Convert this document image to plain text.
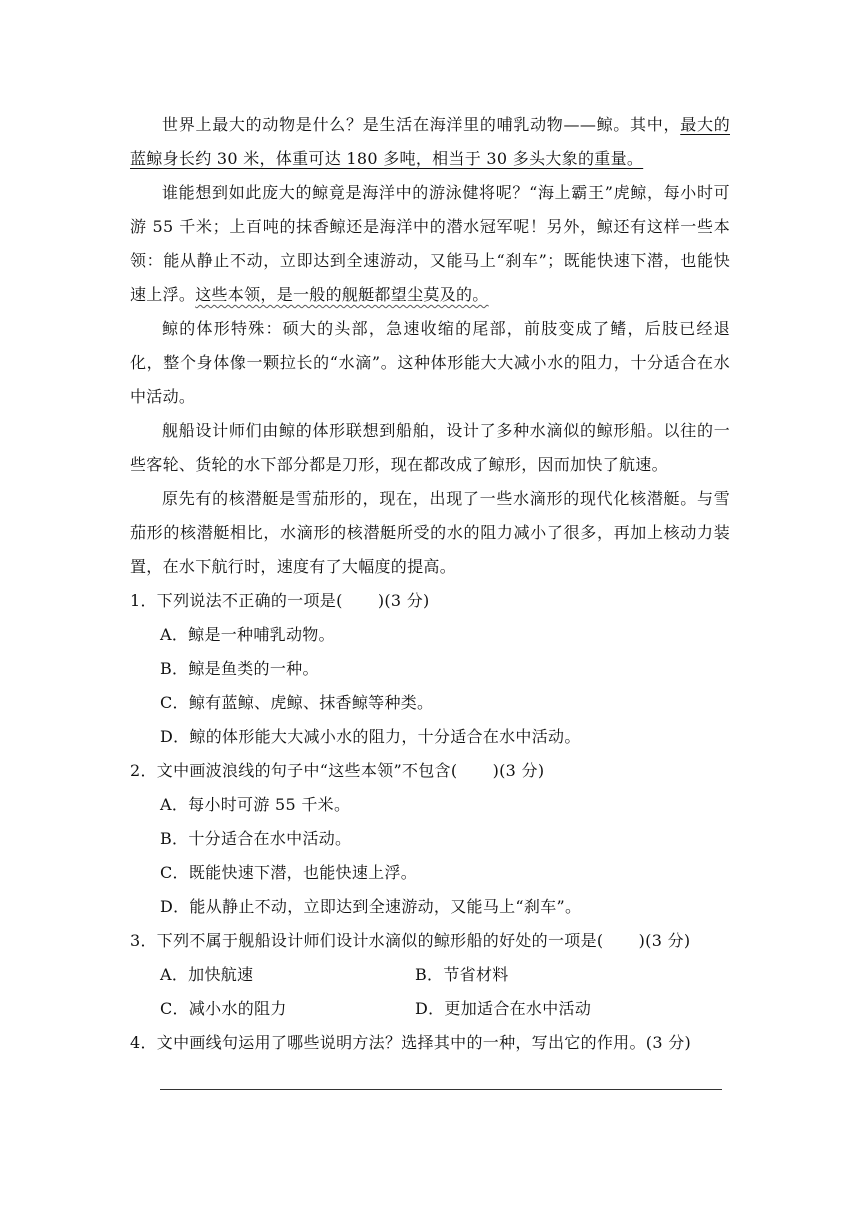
世界上最大的动物是什么？是生活在海洋里的哺乳动物——鲸。其中，最大的蓝鲸身长约 30 米，体重可达 180 多吨，相当于 30 多头大象的重量。

谁能想到如此庞大的鲸竟是海洋中的游泳健将呢？“海上霸王”虎鲸，每小时可游 55 千米；上百吨的抹香鲸还是海洋中的潜水冠军呢！另外，鲸还有这样一些本领：能从静止不动，立即达到全速游动，又能马上“刹车”；既能快速下潜，也能快速上浮。这些本领，是一般的舰艇都望尘莫及的。

鲸的体形特殊：硕大的头部，急速收缩的尾部，前肢变成了鳍，后肢已经退化，整个身体像一颗拉长的“水滴”。这种体形能大大减小水的阻力，十分适合在水中活动。

舰船设计师们由鲸的体形联想到船舶，设计了多种水滴似的鲸形船。以往的一些客轮、货轮的水下部分都是刀形，现在都改成了鲸形，因而加快了航速。

原先有的核潜艇是雪茄形的，现在，出现了一些水滴形的现代化核潜艇。与雪茄形的核潜艇相比，水滴形的核潜艇所受的水的阻力减小了很多，再加上核动力装置，在水下航行时，速度有了大幅度的提高。

1．下列说法不正确的一项是( )(3 分)

A．鲸是一种哺乳动物。

B．鲸是鱼类的一种。

C．鲸有蓝鲸、虎鲸、抹香鲸等种类。

D．鲸的体形能大大减小水的阻力，十分适合在水中活动。

2．文中画波浪线的句子中“这些本领”不包含( )(3 分)

A．每小时可游 55 千米。

B．十分适合在水中活动。

C．既能快速下潜，也能快速上浮。

D．能从静止不动，立即达到全速游动，又能马上“刹车”。

3．下列不属于舰船设计师们设计水滴似的鲸形船的好处的一项是( )(3 分)

A．加快航速	B．节省材料
C．减小水的阻力	D．更加适合在水中活动

4．文中画线句运用了哪些说明方法？选择其中的一种，写出它的作用。(3 分)
